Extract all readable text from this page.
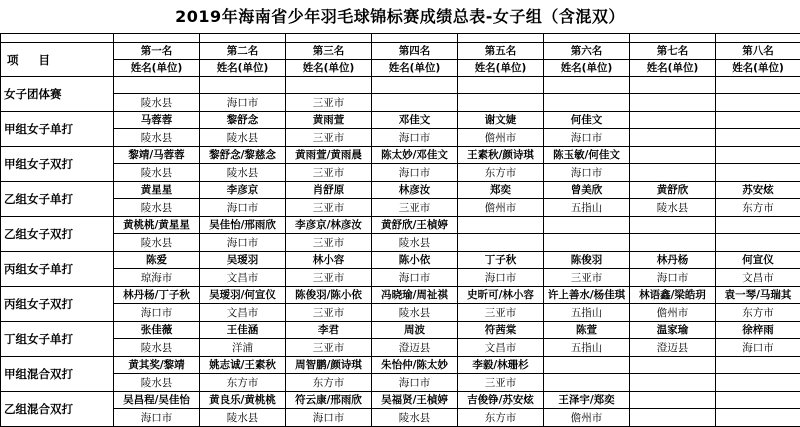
2019年海南省少年羽毛球锦标赛成绩总表-女子组（含混双）

项 目	第一名	第二名	第三名	第四名	第五名	第六名	第七名	第八名
	姓名(单位)	姓名(单位)	姓名(单位)	姓名(单位)	姓名(单位)	姓名(单位)	姓名(单位)	姓名(单位)
女子团体赛								
	陵水县	海口市	三亚市					
甲组女子单打	马蓉蓉	黎舒念	黄雨萱	邓佳文	谢文婕	何佳文		
	陵水县	陵水县	三亚市	海口市	儋州市	海口市		
甲组女子双打	黎靖/马蓉蓉	黎舒念/黎慈念	黄雨萱/黄雨晨	陈太妙/邓佳文	王素秋/颜诗琪	陈玉敏/何佳文		
	陵水县	陵水县	三亚市	海口市	东方市	海口市		
乙组女子单打	黄星星	李彦京	肖舒原	林彦汝	郑奕	曾美欣	黄舒欣	苏安炫
	陵水县	海口市	三亚市	三亚市	儋州市	五指山	陵水县	东方市
乙组女子双打	黄桃桃/黄星星	吴佳怡/邢雨欣	李彦京/林彦汝	黄舒欣/王楨婷				
	陵水县	海口市	三亚市	陵水县				
丙组女子单打	陈爱	吴瑷羽	林小容	陈小依	丁子秋	陈俊羽	林丹杨	何宣仪
	琼海市	文昌市	三亚市	海口市	海口市	三亚市	海口市	文昌市
丙组女子双打	林丹杨/丁子秋	吴瑷羽/何宣仪	陈俊羽/陈小依	冯晓瑜/周祉祺	史昕可/林小容	许上善水/杨佳琪	林语鑫/梁皓玥	袁一琴/马瑞其
	海口市	文昌市	三亚市	陵水县	三亚市	五指山	儋州市	东方市
丁组女子单打	张佳薇	王佳涵	李君	周波	符茜棠	陈萱	温家瑜	徐梓雨
	陵水县	洋浦	三亚市	澄迈县	文昌市	五指山	澄迈县	海口市
甲组混合双打	黄其奖/黎靖	姚志诚/王素秋	周智鹏/颜诗琪	朱怡仲/陈太妙	李毅/林珊杉			
	陵水县	东方市	东方市	海口市	三亚市			
乙组混合双打	吴昌程/吴佳怡	黄良乐/黄桃桃	符云康/邢雨欣	吴福贤/王楨婷	吉俊铮/苏安炫	王泽宇/郑奕		
	海口市	陵水县	海口市	陵水县	东方市	儋州市		
